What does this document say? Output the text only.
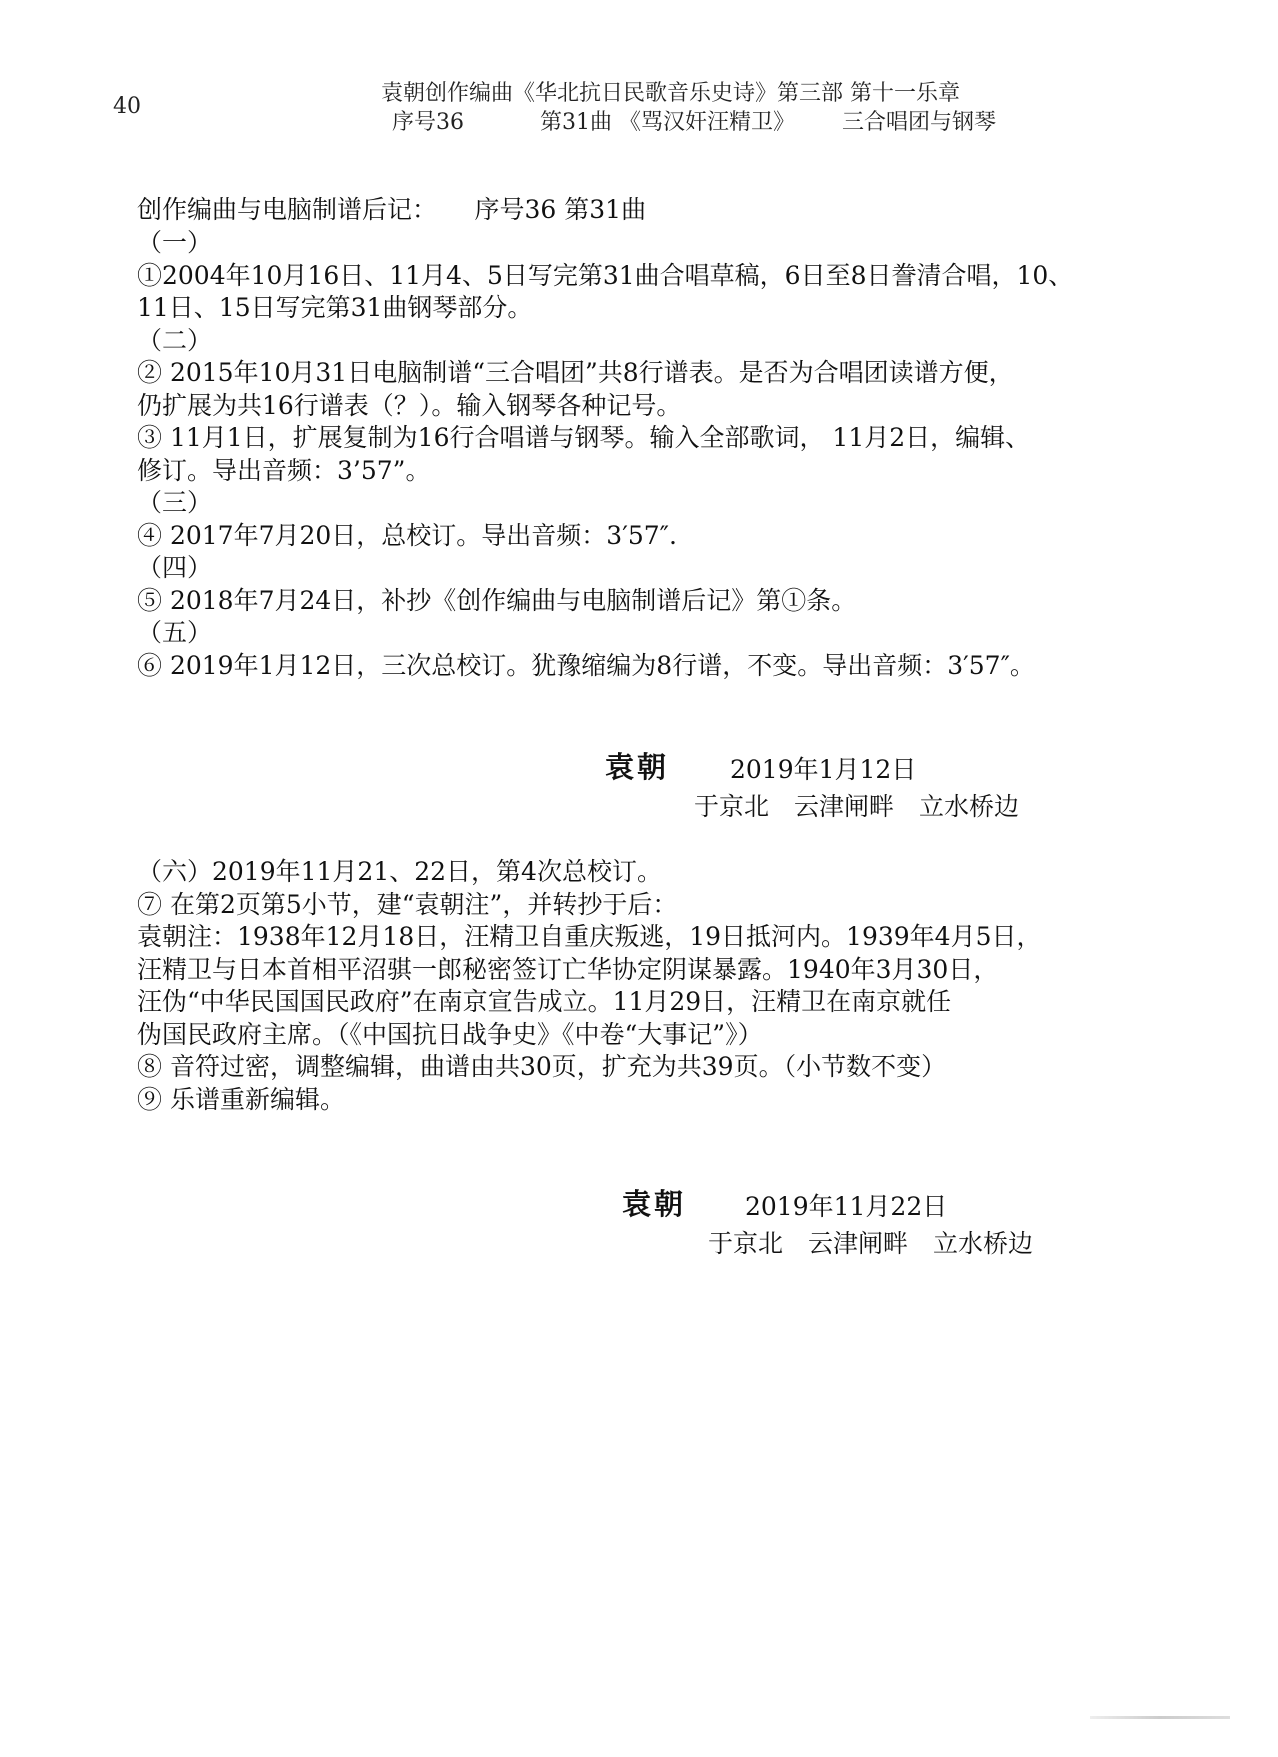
40
袁朝创作编曲《华北抗日民歌音乐史诗》第三部 第十一乐章
序号36	第31曲 《骂汉奸汪精卫》 三合唱团与钢琴
创作编曲与电脑制谱后记：　　序号36 第31曲
（一）
①2004年10月16日、11月4、5日写完第31曲合唱草稿，6日至8日誊清合唱，10、
11日、15日写完第31曲钢琴部分。
（二）
② 2015年10月31日电脑制谱“三合唱团”共8行谱表。是否为合唱团读谱方便，
仍扩展为共16行谱表（？）。输入钢琴各种记号。
③ 11月1日，扩展复制为16行合唱谱与钢琴。输入全部歌词， 11月2日，编辑、
修订。导出音频：3’57”。
（三）
④ 2017年7月20日，总校订。导出音频：3′57″.
（四）
⑤ 2018年7月24日，补抄《创作编曲与电脑制谱后记》第①条。
（五）
⑥ 2019年1月12日，三次总校订。犹豫缩编为8行谱，不变。导出音频：3′57″。
袁朝 2019年1月12日
于京北　云津闸畔　立水桥边
（六）2019年11月21、22日，第4次总校订。
⑦ 在第2页第5小节，建“袁朝注”，并转抄于后：
袁朝注：1938年12月18日，汪精卫自重庆叛逃，19日抵河内。1939年4月5日，
汪精卫与日本首相平沼骐一郎秘密签订亡华协定阴谋暴露。1940年3月30日，
汪伪“中华民国国民政府”在南京宣告成立。11月29日，汪精卫在南京就任
伪国民政府主席。（《中国抗日战争史》《中卷“大事记”》）
⑧ 音符过密，调整编辑，曲谱由共30页，扩充为共39页。（小节数不变）
⑨ 乐谱重新编辑。
袁朝 2019年11月22日
于京北　云津闸畔　立水桥边
